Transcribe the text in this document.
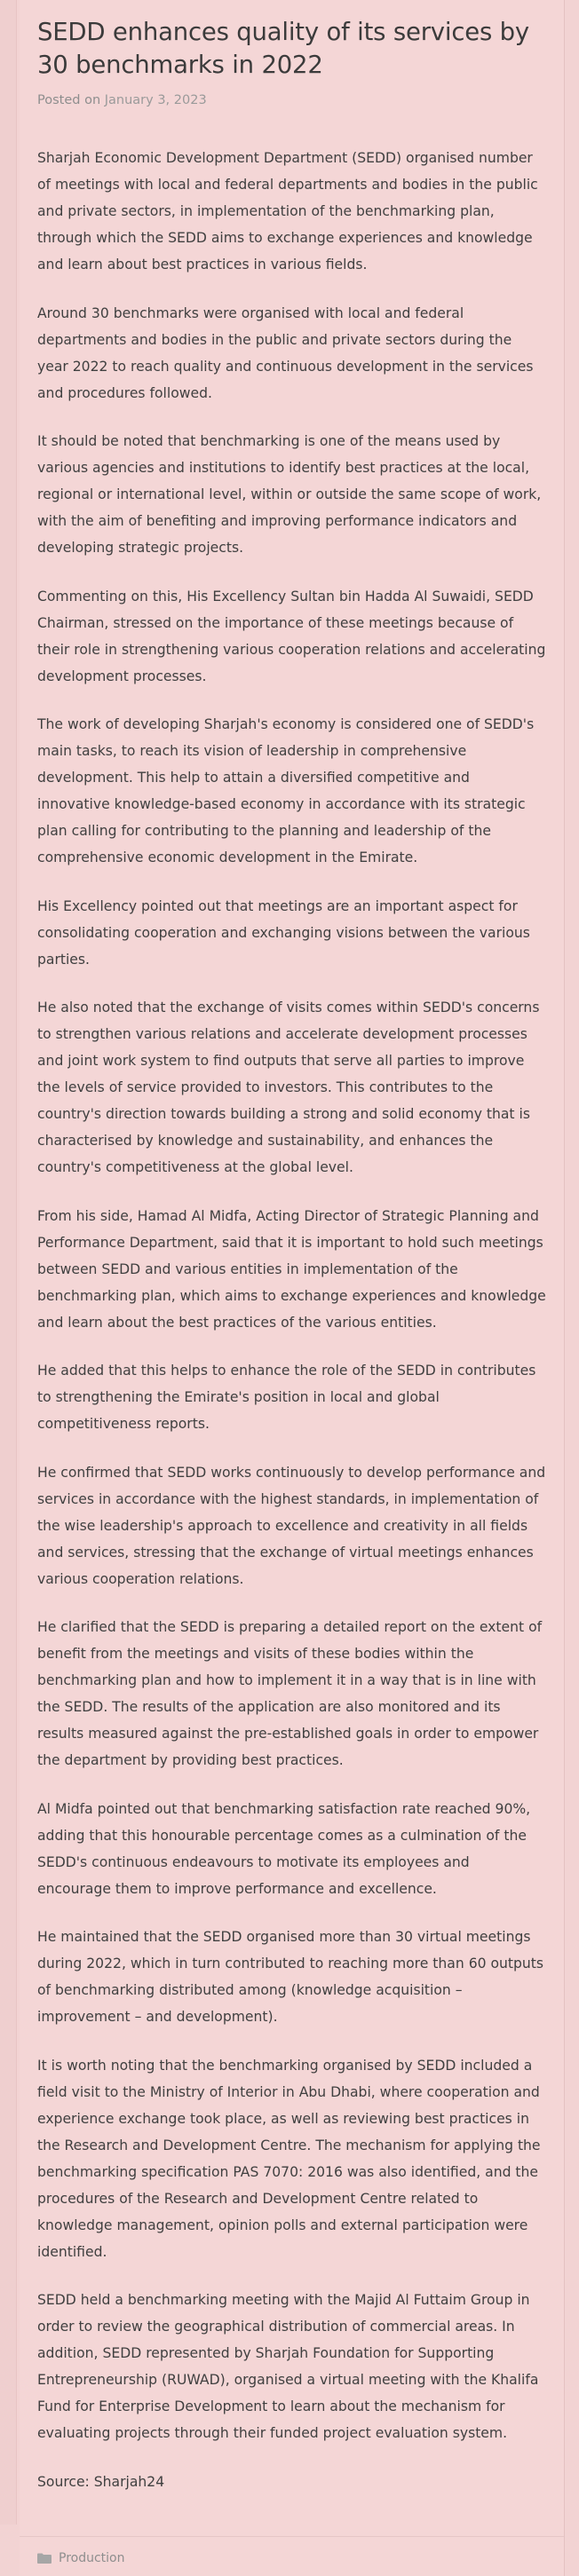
SEDD enhances quality of its services by 30 benchmarks in 2022
Posted on January 3, 2023

Sharjah Economic Development Department (SEDD) organised number of meetings with local and federal departments and bodies in the public and private sectors, in implementation of the benchmarking plan, through which the SEDD aims to exchange experiences and knowledge and learn about best practices in various fields.

Around 30 benchmarks were organised with local and federal departments and bodies in the public and private sectors during the year 2022 to reach quality and continuous development in the services and procedures followed.

It should be noted that benchmarking is one of the means used by various agencies and institutions to identify best practices at the local, regional or international level, within or outside the same scope of work, with the aim of benefiting and improving performance indicators and developing strategic projects.

Commenting on this, His Excellency Sultan bin Hadda Al Suwaidi, SEDD Chairman, stressed on the importance of these meetings because of their role in strengthening various cooperation relations and accelerating development processes.

The work of developing Sharjah's economy is considered one of SEDD's main tasks, to reach its vision of leadership in comprehensive development. This help to attain a diversified competitive and innovative knowledge-based economy in accordance with its strategic plan calling for contributing to the planning and leadership of the comprehensive economic development in the Emirate.

His Excellency pointed out that meetings are an important aspect for consolidating cooperation and exchanging visions between the various parties.

He also noted that the exchange of visits comes within SEDD's concerns to strengthen various relations and accelerate development processes and joint work system to find outputs that serve all parties to improve the levels of service provided to investors. This contributes to the country's direction towards building a strong and solid economy that is characterised by knowledge and sustainability, and enhances the country's competitiveness at the global level.

From his side, Hamad Al Midfa, Acting Director of Strategic Planning and Performance Department, said that it is important to hold such meetings between SEDD and various entities in implementation of the benchmarking plan, which aims to exchange experiences and knowledge and learn about the best practices of the various entities.

He added that this helps to enhance the role of the SEDD in contributes to strengthening the Emirate's position in local and global competitiveness reports.

He confirmed that SEDD works continuously to develop performance and services in accordance with the highest standards, in implementation of the wise leadership's approach to excellence and creativity in all fields and services, stressing that the exchange of virtual meetings enhances various cooperation relations.

He clarified that the SEDD is preparing a detailed report on the extent of benefit from the meetings and visits of these bodies within the benchmarking plan and how to implement it in a way that is in line with the SEDD. The results of the application are also monitored and its results measured against the pre-established goals in order to empower the department by providing best practices.

Al Midfa pointed out that benchmarking satisfaction rate reached 90%, adding that this honourable percentage comes as a culmination of the SEDD's continuous endeavours to motivate its employees and encourage them to improve performance and excellence.

He maintained that the SEDD organised more than 30 virtual meetings during 2022, which in turn contributed to reaching more than 60 outputs of benchmarking distributed among (knowledge acquisition – improvement – and development).

It is worth noting that the benchmarking organised by SEDD included a field visit to the Ministry of Interior in Abu Dhabi, where cooperation and experience exchange took place, as well as reviewing best practices in the Research and Development Centre. The mechanism for applying the benchmarking specification PAS 7070: 2016 was also identified, and the procedures of the Research and Development Centre related to knowledge management, opinion polls and external participation were identified.

SEDD held a benchmarking meeting with the Majid Al Futtaim Group in order to review the geographical distribution of commercial areas. In addition, SEDD represented by Sharjah Foundation for Supporting Entrepreneurship (RUWAD), organised a virtual meeting with the Khalifa Fund for Enterprise Development to learn about the mechanism for evaluating projects through their funded project evaluation system.

Source: Sharjah24
Production
